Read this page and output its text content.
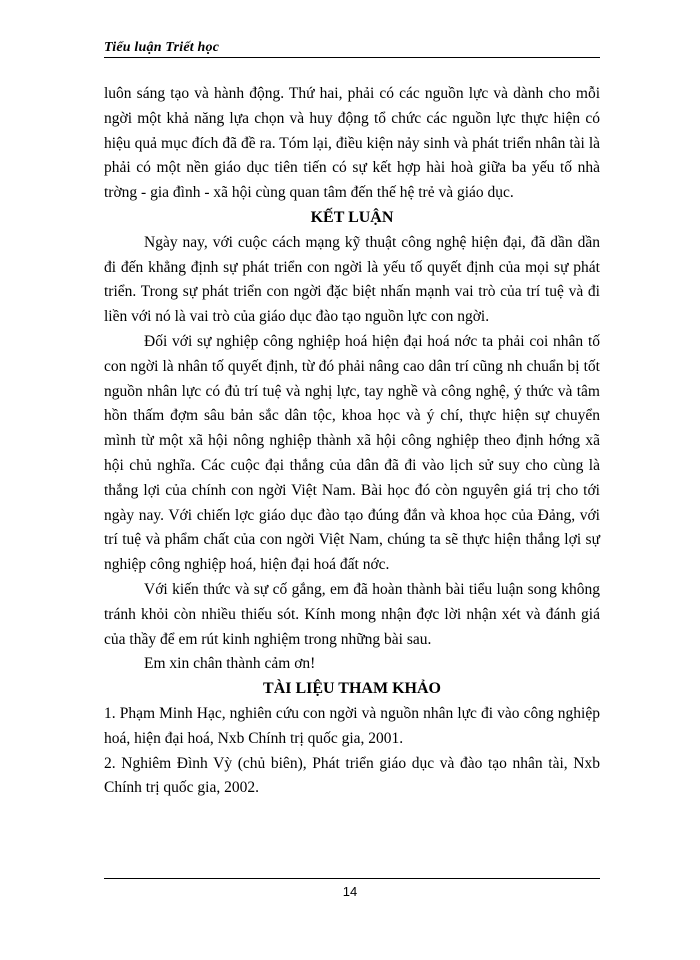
Tiểu luận Triết học

luôn sáng tạo và hành động. Thứ hai, phải có các nguồn lực và dành cho mỗi ngời một khả năng lựa chọn và huy động tổ chức các nguồn lực thực hiện có hiệu quả mục đích đã đề ra. Tóm lại, điều kiện nảy sinh và phát triển nhân tài là phải có một nền giáo dục tiên tiến có sự kết hợp hài hoà giữa ba yếu tố nhà trờng - gia đình - xã hội cùng quan tâm đến thế hệ trẻ và giáo dục.

KẾT LUẬN

Ngày nay, với cuộc cách mạng kỹ thuật công nghệ hiện đại, đã dần dần đi đến khẳng định sự phát triển con ngời là yếu tố quyết định của mọi sự phát triển. Trong sự phát triển con ngời đặc biệt nhấn mạnh vai trò của trí tuệ và đi liền với nó là vai trò của giáo dục đào tạo nguồn lực con ngời.

Đối với sự nghiệp công nghiệp hoá hiện đại hoá nớc ta phải coi nhân tố con ngời là nhân tố quyết định, từ đó phải nâng cao dân trí cũng nh chuẩn bị tốt nguồn nhân lực có đủ trí tuệ và nghị lực, tay nghề và công nghệ, ý thức và tâm hồn thấm đợm sâu bản sắc dân tộc, khoa học và ý chí, thực hiện sự chuyển mình từ một xã hội nông nghiệp thành xã hội công nghiệp theo định hớng xã hội chủ nghĩa. Các cuộc đại thắng của dân đã đi vào lịch sử suy cho cùng là thắng lợi của chính con ngời Việt Nam. Bài học đó còn nguyên giá trị cho tới ngày nay. Với chiến lợc giáo dục đào tạo đúng đắn và khoa học của Đảng, với trí tuệ và phẩm chất của con ngời Việt Nam, chúng ta sẽ thực hiện thắng lợi sự nghiệp công nghiệp hoá, hiện đại hoá đất nớc.

Với kiến thức và sự cố gắng, em đã hoàn thành bài tiểu luận song không tránh khỏi còn nhiều thiếu sót. Kính mong nhận đợc lời nhận xét và đánh giá của thầy để em rút kinh nghiệm trong những bài sau.

Em xin chân thành cảm ơn!

TÀI LIỆU THAM KHẢO

1. Phạm Minh Hạc, nghiên cứu con ngời và nguồn nhân lực đi vào công nghiệp hoá, hiện đại hoá, Nxb Chính trị quốc gia, 2001.

2. Nghiêm Đình Vỳ (chủ biên), Phát triển giáo dục và đào tạo nhân tài, Nxb Chính trị quốc gia, 2002.

14
